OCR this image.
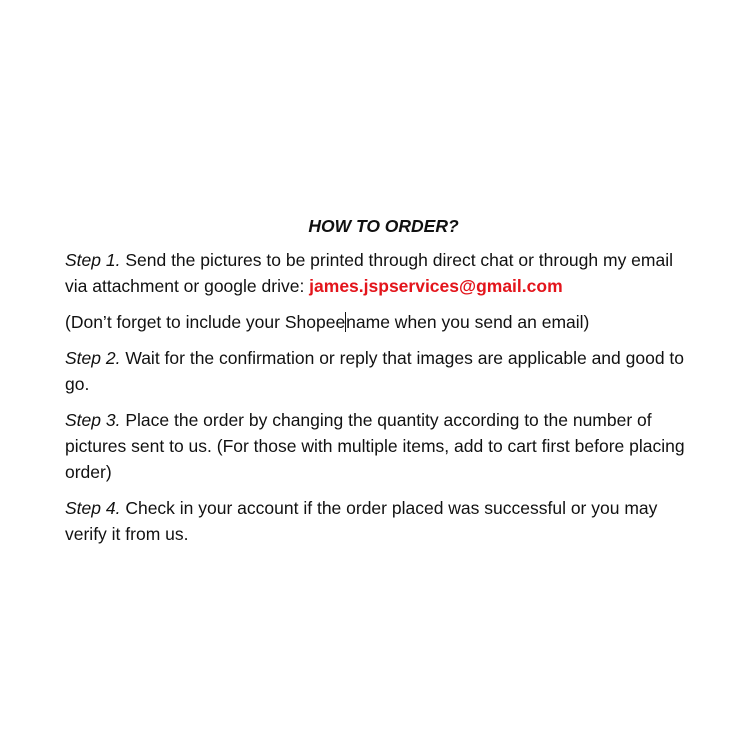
HOW TO ORDER?

Step 1. Send the pictures to be printed through direct chat or through my email via attachment or google drive: james.jspservices@gmail.com

(Don’t forget to include your Shopeename when you send an email)

Step 2. Wait for the confirmation or reply that images are applicable and good to go.

Step 3. Place the order by changing the quantity according to the number of pictures sent to us. (For those with multiple items, add to cart first before placing order)

Step 4. Check in your account if the order placed was successful or you may verify it from us.
